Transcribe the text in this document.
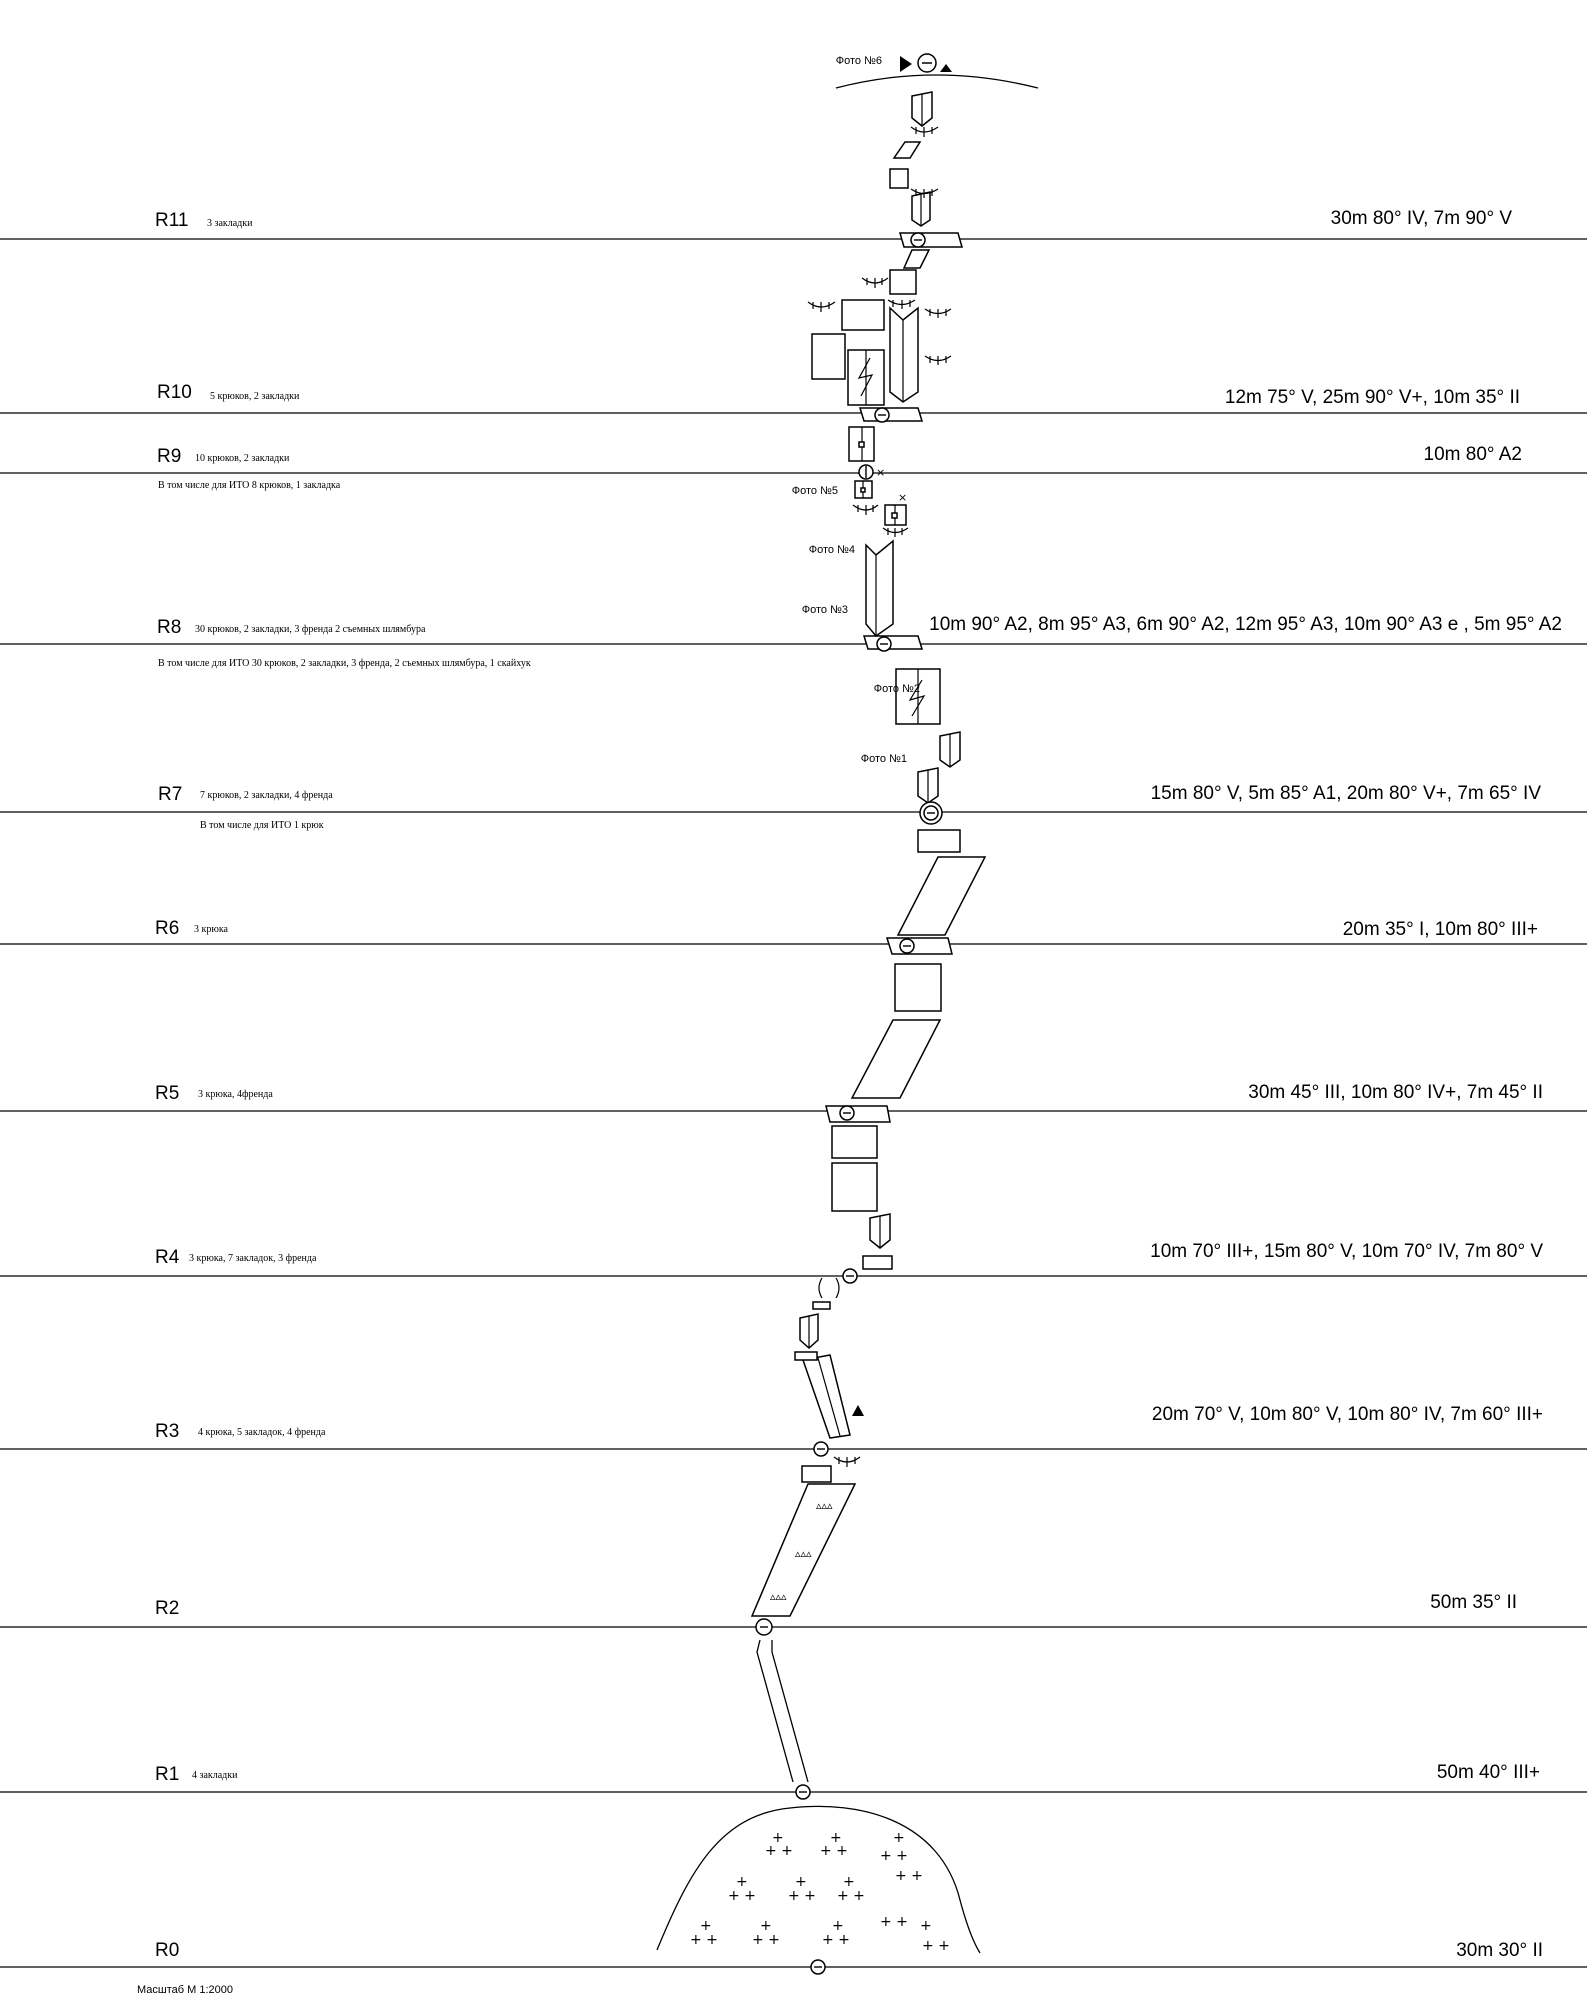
+
+ +
+
+ +
+
+ +
+
+ +
+
+ +
+
+ +
+ +
+
+ +
+
+ +
+
+ +
+ + +
+ +
▵▵▵
▵▵▵
▵▵▵
×
×
R0
R1 4 закладки
R2
R3 4 крюка, 5 закладок, 4 френда
R4 3 крюка, 7 закладок, 3 френда
R5 3 крюка, 4френда
R6 3 крюка
R7 7 крюков, 2 закладки, 4 френда
В том числе для ИТО 1 крюк
R8 30 крюков, 2 закладки, 3 френда 2 съемных шлямбура
В том числе для ИТО 30 крюков, 2 закладки, 3 френда, 2 съемных шлямбура, 1 скайхук
R9 10 крюков, 2 закладки
В том числе для ИТО 8 крюков, 1 закладка
R10 5 крюков, 2 закладки
R11 3 закладки
30m 30° II
50m 40° III+
50m 35° II
20m 70° V, 10m 80° V, 10m 80° IV, 7m 60° III+
10m 70° III+, 15m 80° V, 10m 70° IV, 7m 80° V
30m 45° III, 10m 80° IV+, 7m 45° II
20m 35° I, 10m 80° III+
15m 80° V, 5m 85° A1, 20m 80° V+, 7m 65° IV
10m 90° A2, 8m 95° A3, 6m 90° A2, 12m 95° A3, 10m 90° A3 e , 5m 95° A2
10m 80° A2
12m 75° V, 25m 90° V+, 10m 35° II
30m 80° IV, 7m 90° V
Фото №1
Фото №2
Фото №3
Фото №4
Фото №5
Фото №6
Масштаб М 1:2000
